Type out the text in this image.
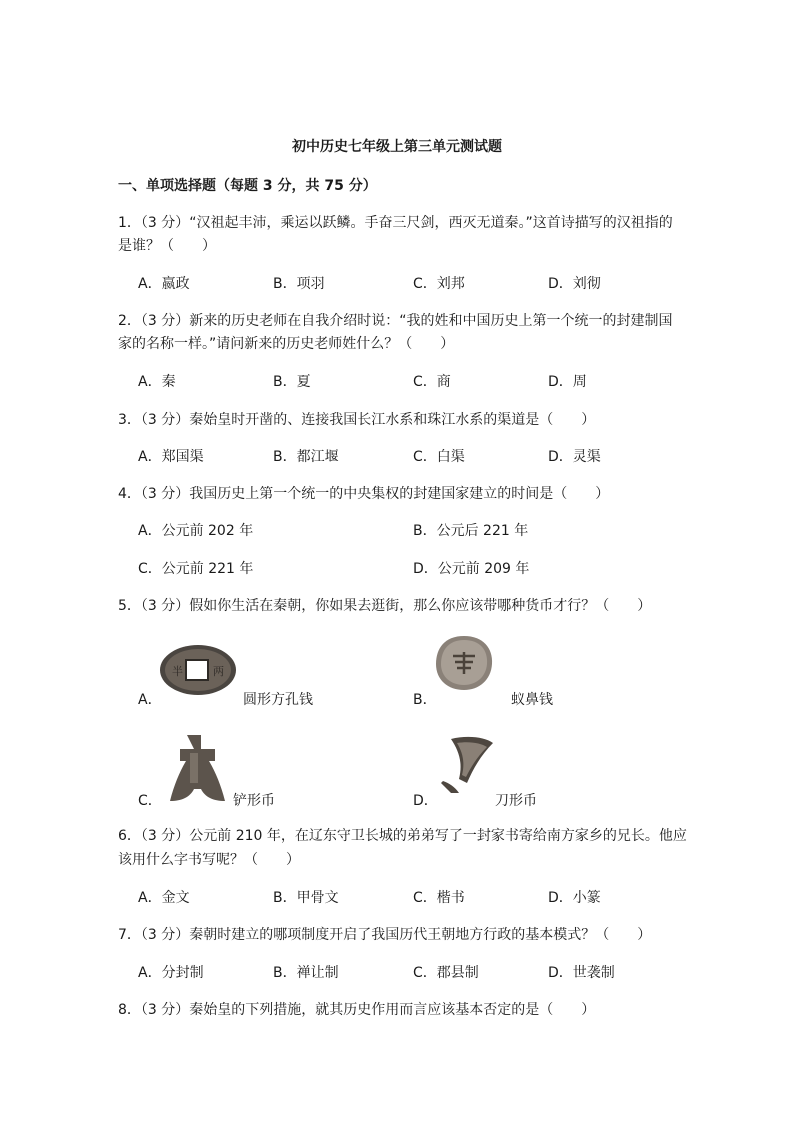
初中历史七年级上第三单元测试题
一、单项选择题（每题 3 分，共 75 分）
1．（3 分）“汉祖起丰沛，乘运以跃鳞。手奋三尺剑，西灭无道秦。”这首诗描写的汉祖指的
是谁？（　　）
A．嬴政	B．项羽	C．刘邦	D．刘彻
2．（3 分）新来的历史老师在自我介绍时说：“我的姓和中国历史上第一个统一的封建制国
家的名称一样。”请问新来的历史老师姓什么？（　　）
A．秦	B．夏	C．商	D．周
3．（3 分）秦始皇时开凿的、连接我国长江水系和珠江水系的渠道是（　　）
A．郑国渠	B．都江堰	C．白渠	D．灵渠
4．（3 分）我国历史上第一个统一的中央集权的封建国家建立的时间是（　　）
A．公元前 202 年	B．公元后 221 年
C．公元前 221 年	D．公元前 209 年
5．（3 分）假如你生活在秦朝，你如果去逛街，那么你应该带哪种货币才行？（　　）
A．
半	两
圆形方孔钱	B．	蚁鼻钱
C．	铲形币	D．	刀形币
6．（3 分）公元前 210 年，在辽东守卫长城的弟弟写了一封家书寄给南方家乡的兄长。他应
该用什么字书写呢？（　　）
A．金文	B．甲骨文	C．楷书	D．小篆
7．（3 分）秦朝时建立的哪项制度开启了我国历代王朝地方行政的基本模式？（　　）
A．分封制	B．禅让制	C．郡县制	D．世袭制
8．（3 分）秦始皇的下列措施，就其历史作用而言应该基本否定的是（　　）
